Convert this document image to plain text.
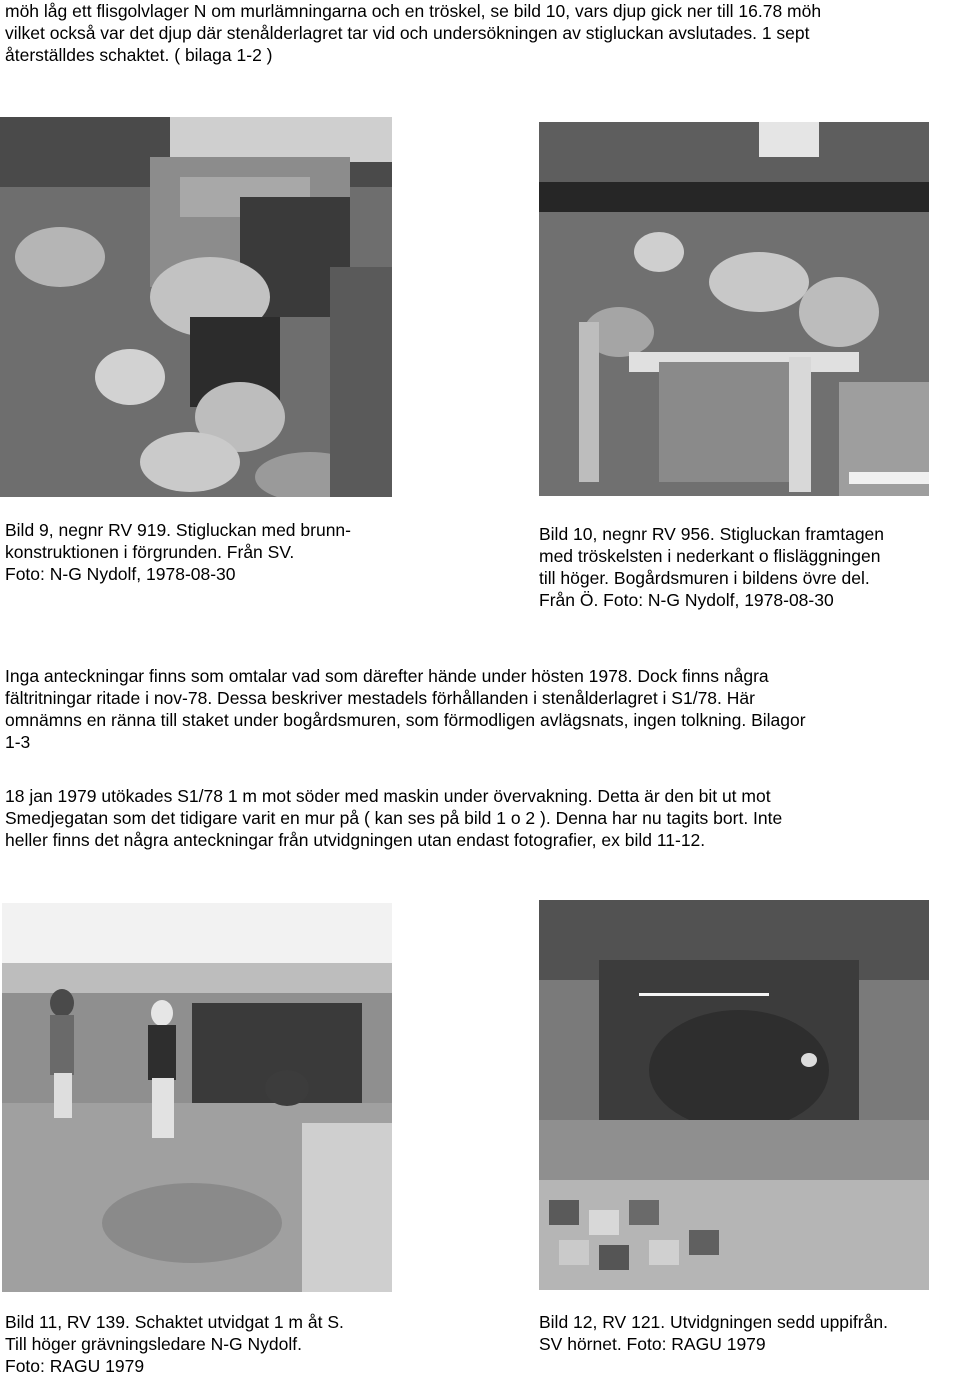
möh låg ett flisgolvlager N om murlämningarna och en tröskel, se bild 10, vars djup gick ner till 16.78 möh
vilket också var det djup där stenålderlagret tar vid och undersökningen av stigluckan avslutades. 1 sept
återställdes schaktet. ( bilaga 1-2 )
Bild 9, negnr RV 919. Stigluckan med brunn-
konstruktionen i förgrunden. Från SV.
Foto: N-G Nydolf, 1978-08-30
Bild 10, negnr RV 956. Stigluckan framtagen
med tröskelsten i nederkant o flisläggningen
till höger. Bogårdsmuren i bildens övre del.
Från Ö. Foto: N-G Nydolf, 1978-08-30
Inga anteckningar finns som omtalar vad som därefter hände under hösten 1978. Dock finns några
fältritningar ritade i nov-78. Dessa beskriver mestadels förhållanden i stenålderlagret i S1/78. Här
omnämns en ränna till staket under bogårdsmuren, som förmodligen avlägsnats, ingen tolkning. Bilagor
1-3
18 jan 1979 utökades S1/78 1 m mot söder med maskin under övervakning. Detta är den bit ut mot
Smedjegatan som det tidigare varit en mur på ( kan ses på bild 1 o 2 ). Denna har nu tagits bort. Inte
heller finns det några anteckningar från utvidgningen utan endast fotografier, ex bild 11-12.
Bild 11, RV 139. Schaktet utvidgat 1 m åt S.
Till höger grävningsledare N-G Nydolf.
Foto: RAGU 1979
Bild 12, RV 121. Utvidgningen sedd uppifrån.
SV hörnet. Foto: RAGU 1979
